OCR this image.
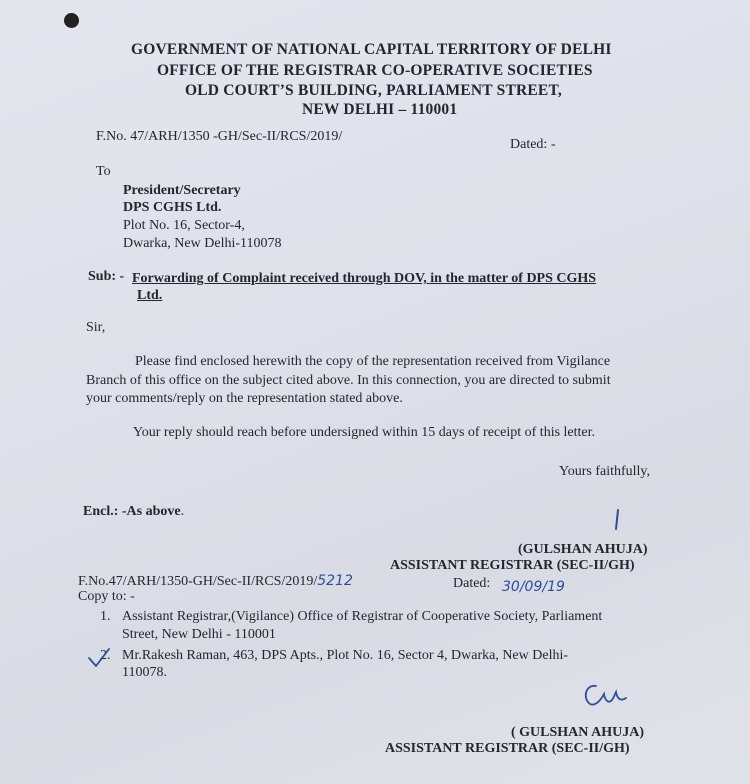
GOVERNMENT OF NATIONAL CAPITAL TERRITORY OF DELHI
OFFICE OF THE REGISTRAR CO-OPERATIVE SOCIETIES
OLD COURT’S BUILDING, PARLIAMENT STREET,
NEW DELHI – 110001
F.No. 47/ARH/1350 -GH/Sec-II/RCS/2019/
Dated: -
To
President/Secretary
DPS CGHS Ltd.
Plot No. 16, Sector-4,
Dwarka, New Delhi-110078
Sub: - Forwarding of Complaint received through DOV, in the matter of DPS CGHS
Ltd.
Sir,
Please find enclosed herewith the copy of the representation received from Vigilance
Branch of this office on the subject cited above. In this connection, you are directed to submit
your comments/reply on the representation stated above.
Your reply should reach before undersigned within 15 days of receipt of this letter.
Yours faithfully,
Encl.: -As above.
(GULSHAN AHUJA)
ASSISTANT REGISTRAR (SEC-II/GH)
F.No.47/ARH/1350-GH/Sec-II/RCS/2019/5212	Dated: 30/09/19
Copy to: -
1. Assistant Registrar,(Vigilance) Office of Registrar of Cooperative Society, Parliament
Street, New Delhi - 110001
2. Mr.Rakesh Raman, 463, DPS Apts., Plot No. 16, Sector 4, Dwarka, New Delhi-
110078.
( GULSHAN AHUJA)
ASSISTANT REGISTRAR (SEC-II/GH)
